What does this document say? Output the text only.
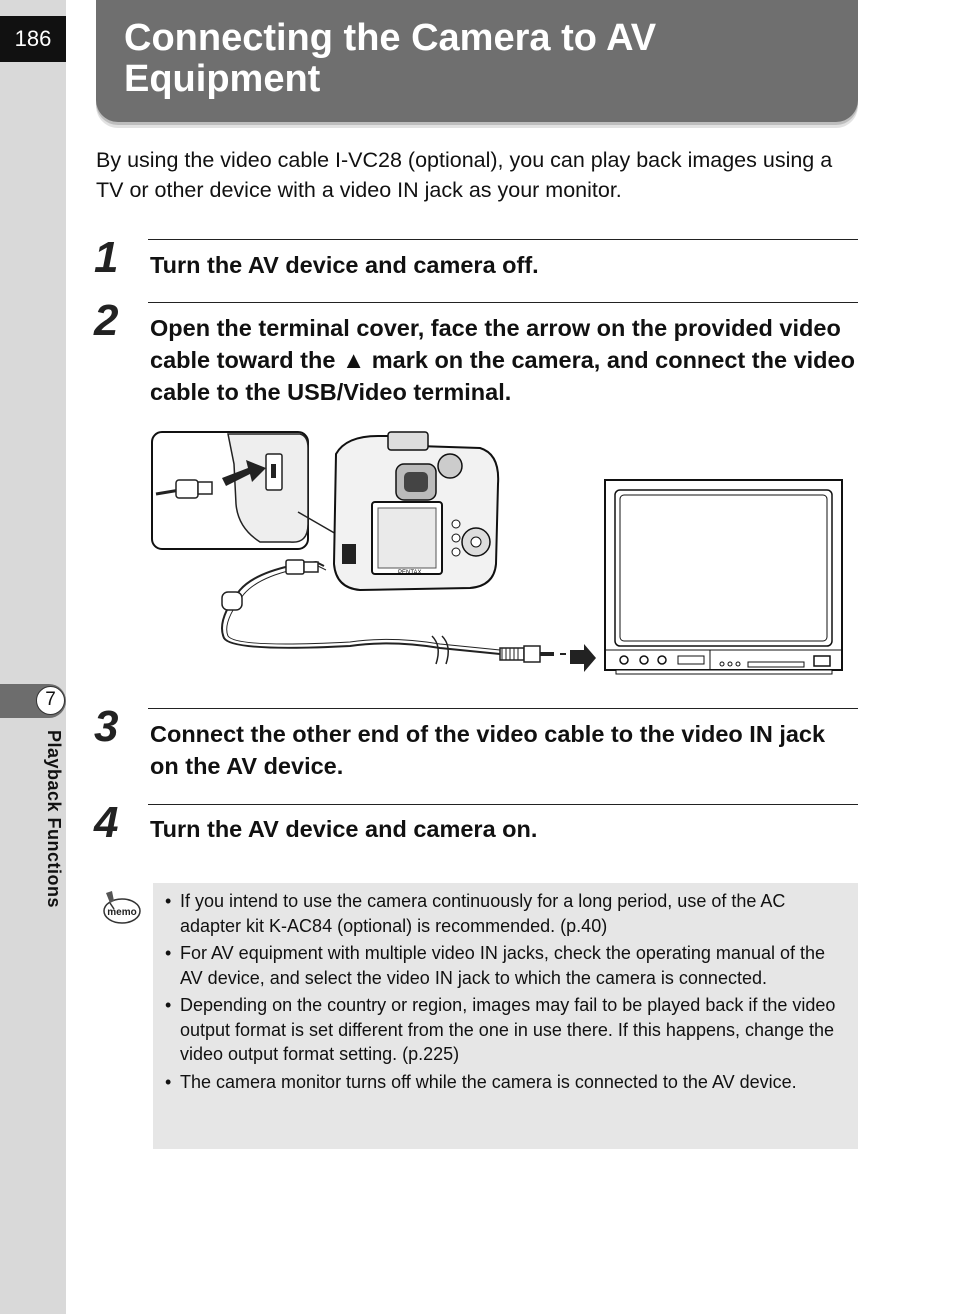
186
7
Playback Functions
Connecting the Camera to AV Equipment

By using the video cable I-VC28 (optional), you can play back images using a TV or other device with a video IN jack as your monitor.

1	Turn the AV device and camera off.
2	Open the terminal cover, face the arrow on the provided video cable toward the ▲ mark on the camera, and connect the video cable to the USB/Video terminal.
PENTAX
3	Connect the other end of the video cable to the video IN jack on the AV device.
4	Turn the AV device and camera on.
memo
• If you intend to use the camera continuously for a long period, use of the AC adapter kit K-AC84 (optional) is recommended. (p.40)
• For AV equipment with multiple video IN jacks, check the operating manual of the AV device, and select the video IN jack to which the camera is connected.
• Depending on the country or region, images may fail to be played back if the video output format is set different from the one in use there. If this happens, change the video output format setting. (p.225)
• The camera monitor turns off while the camera is connected to the AV device.
